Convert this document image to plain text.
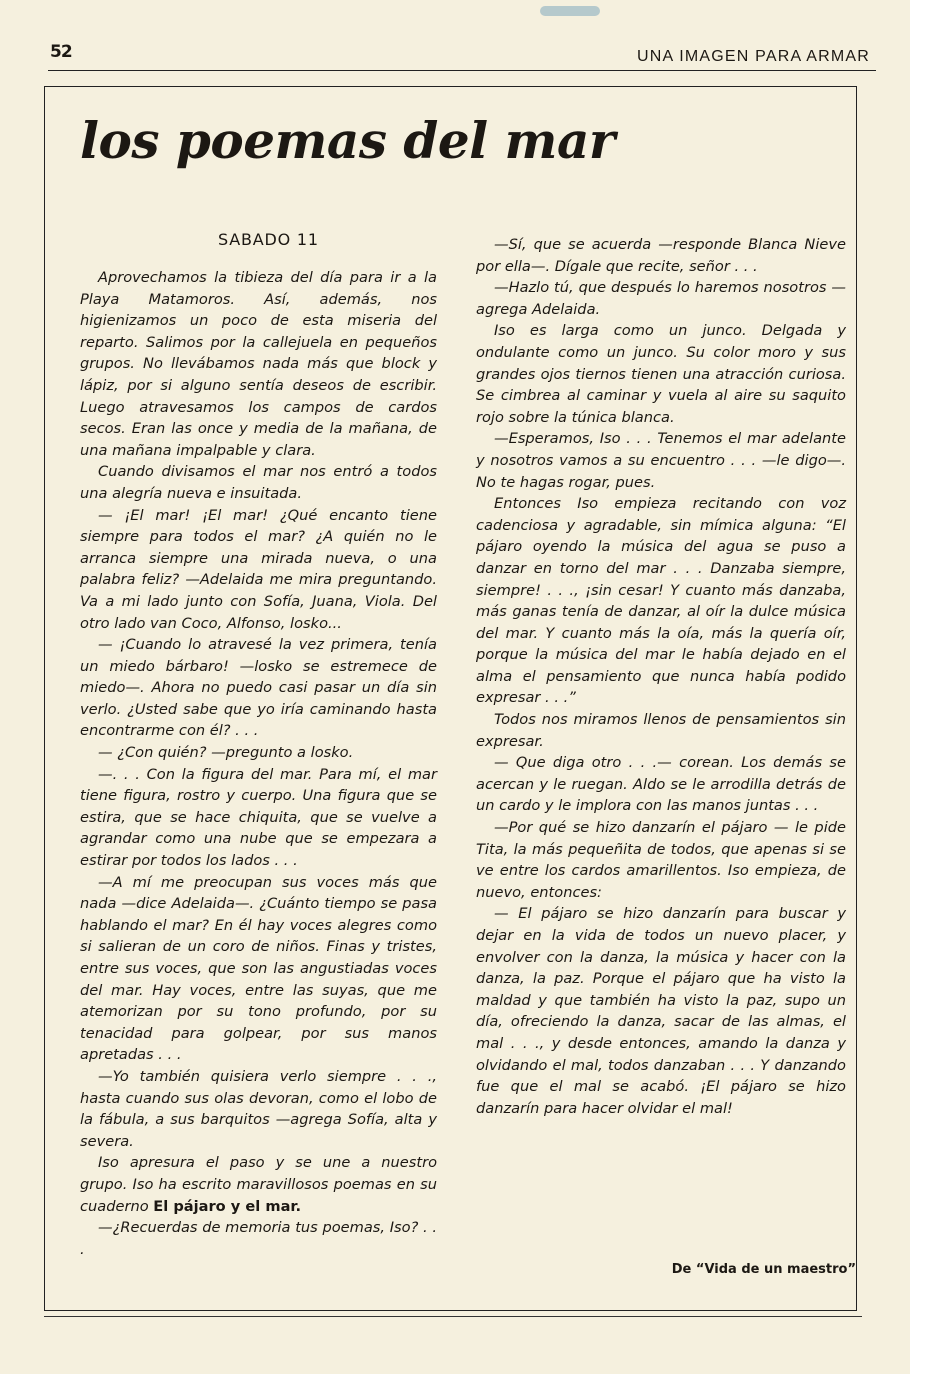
52	UNA IMAGEN PARA ARMAR
los poemas del mar
SABADO 11

Aprovechamos la tibieza del día para ir a la Playa Matamoros. Así, además, nos higienizamos un poco de esta miseria del reparto. Salimos por la callejuela en pequeños grupos. No llevábamos nada más que block y lápiz, por si alguno sentía deseos de escribir. Luego atravesamos los campos de cardos secos. Eran las once y media de la mañana, de una mañana impalpable y clara.

Cuando divisamos el mar nos entró a todos una alegría nueva e insuitada.

— ¡El mar! ¡El mar! ¿Qué encanto tiene siempre para todos el mar? ¿A quién no le arranca siempre una mirada nueva, o una palabra feliz? —Adelaida me mira preguntando. Va a mi lado junto con Sofía, Juana, Viola. Del otro lado van Coco, Alfonso, losko...

— ¡Cuando lo atravesé la vez primera, tenía un miedo bárbaro! —losko se estremece de miedo—. Ahora no puedo casi pasar un día sin verlo. ¿Usted sabe que yo iría caminando hasta encontrarme con él? . . .

— ¿Con quién? —pregunto a losko.

—. . . Con la figura del mar. Para mí, el mar tiene figura, rostro y cuerpo. Una figura que se estira, que se hace chiquita, que se vuelve a agrandar como una nube que se empezara a estirar por todos los lados . . .

—A mí me preocupan sus voces más que nada —dice Adelaida—. ¿Cuánto tiempo se pasa hablando el mar? En él hay voces alegres como si salieran de un coro de niños. Finas y tristes, entre sus voces, que son las angustiadas voces del mar. Hay voces, entre las suyas, que me atemorizan por su tono profundo, por su tenacidad para golpear, por sus manos apretadas . . .

—Yo también quisiera verlo siempre . . ., hasta cuando sus olas devoran, como el lobo de la fábula, a sus barquitos —agrega Sofía, alta y severa.

Iso apresura el paso y se une a nuestro grupo. Iso ha escrito maravillosos poemas en su cuaderno El pájaro y el mar.

—¿Recuerdas de memoria tus poemas, Iso? . . .

—Sí, que se acuerda —responde Blanca Nieve por ella—. Dígale que recite, señor . . .

—Hazlo tú, que después lo haremos nosotros —agrega Adelaida.

Iso es larga como un junco. Delgada y ondulante como un junco. Su color moro y sus grandes ojos tiernos tienen una atracción curiosa. Se cimbrea al caminar y vuela al aire su saquito rojo sobre la túnica blanca.

—Esperamos, Iso . . . Tenemos el mar adelante y nosotros vamos a su encuentro . . . —le digo—. No te hagas rogar, pues.

Entonces Iso empieza recitando con voz cadenciosa y agradable, sin mímica alguna: “El pájaro oyendo la música del agua se puso a danzar en torno del mar . . . Danzaba siempre, siempre! . . ., ¡sin cesar! Y cuanto más danzaba, más ganas tenía de danzar, al oír la dulce música del mar. Y cuanto más la oía, más la quería oír, porque la música del mar le había dejado en el alma el pensamiento que nunca había podido expresar . . .”

Todos nos miramos llenos de pensamientos sin expresar.

— Que diga otro . . .— corean. Los demás se acercan y le ruegan. Aldo se le arrodilla detrás de un cardo y le implora con las manos juntas . . .

—Por qué se hizo danzarín el pájaro — le pide Tita, la más pequeñita de todos, que apenas si se ve entre los cardos amarillentos. Iso empieza, de nuevo, entonces:

— El pájaro se hizo danzarín para buscar y dejar en la vida de todos un nuevo placer, y envolver con la danza, la música y hacer con la danza, la paz. Porque el pájaro que ha visto la maldad y que también ha visto la paz, supo un día, ofreciendo la danza, sacar de las almas, el mal . . ., y desde entonces, amando la danza y olvidando el mal, todos danzaban . . . Y danzando fue que el mal se acabó. ¡El pájaro se hizo danzarín para hacer olvidar el mal!

De “Vida de un maestro”
